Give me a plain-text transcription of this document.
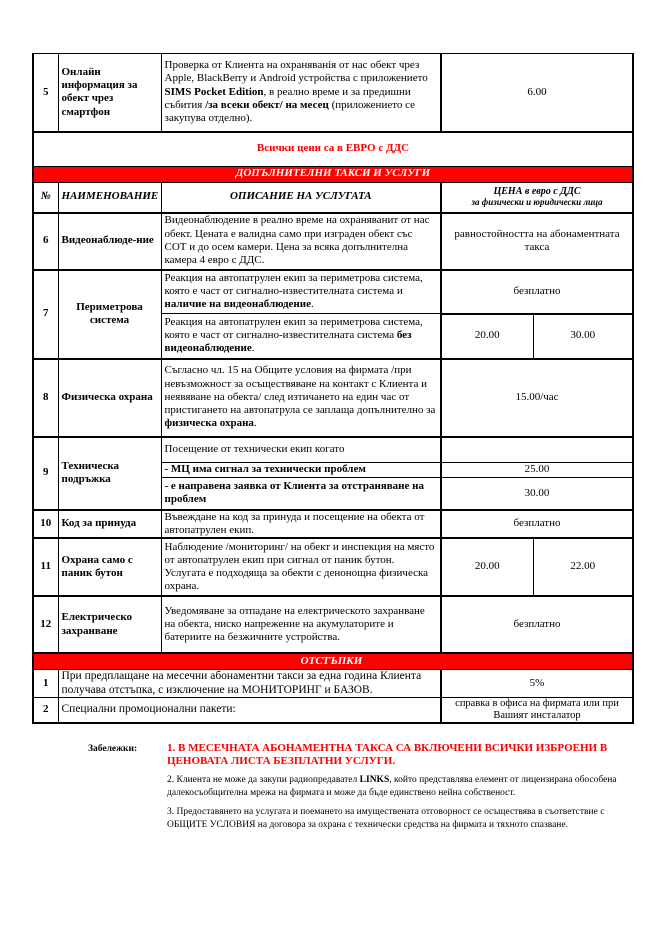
5	Онлайн информация за обект чрез смартфон	Проверка от Клиента на охраняванія от нас обект чрез Apple, BlackBerry и Android устройства с приложението SIMS Pocket Edition, в реално време и за предишни събития /за всеки обект/ на месец (приложението се закупува отделно).	6.00	
Всички цени са в ЕВРО с ДДС				
ДОПЪЛНИТЕЛНИ ТАКСИ И УСЛУГИ				
№	НАИМЕНОВАНИЕ	ОПИСАНИЕ НА УСЛУГАТА	ЦЕНА в евро с ДДС
за физически и юридически лица	

6	Видеонаблюде-ние	Видеонаблюдение в реално време на охраняванит от нас обект. Цената е валидна само при изграден обект със СОТ и до осем камери. Цена за всяка допълнителна камера 4 евро с ДДС.	равностойността на абонаментната такса	
7	Периметрова система	Реакция на автопатрулен екип за периметрова система, която е част от сигнално-известителната система и наличие на видеонаблюдение.	безплатно	
		Реакция на автопатрулен екип за периметрова система, която е част от сигнално-известителната система без видеонаблюдение.	20.00	30.00
8	Физическа охрана	Съгласно чл. 15 на Общите условия на фирмата /при невъзможност за осъществяване на контакт с Клиента и неявяване на обекта/ след изтичането на един час от пристигането на автопатрула се заплаща допълнително за физическа охрана.	15.00/час	
9	Техническа подръжка	Посещение от технически екип когато		
		- МЦ има сигнал за технически проблем	25.00	
		- е направена заявка от Клиента за отстраняване на проблем	30.00	
10	Код за принуда	Въвеждане на код за принуда и посещение на обекта от автопатрулен екип.	безплатно	
11	Охрана само с паник бутон	Наблюдение /мониторинг/ на обект и инспекция на място от автопатрулен екип при сигнал от паник бутон. Услугата е подходяща за обекти с денонощна физическа охрана.	20.00	22.00
12	Електрическо захранване	Уведомяване за отпадане на електрическото захранване на обекта, ниско напрежение на акумулаторите и батериите на безжичните устройства.	безплатно	
ОТСТЪПКИ				
1	При предплащане на месечни абонаментни такси за една година Клиента получава отстъпка, с изключение на МОНИТОРИНГ и БАЗОВ.		5%	
2	Специални промоционални пакети:		справка в офиса на фирмата или при Вашият инсталатор	
Забележки:	1. В МЕСЕЧНАТА АБОНАМЕНТНА ТАКСА СА ВКЛЮЧЕНИ ВСИЧКИ ИЗБРОЕНИ В ЦЕНОВАТА ЛИСТА БЕЗПЛАТНИ УСЛУГИ.
2. Клиента не може да закупи радиопредавател LINKS, който представлява елемент от лицензирана обособена далекосъобщителна мрежа на фирмата и може да бъде единствено нейна собственост.
3. Предоставянето на услугата и поемането на имуществената отговорност се осъществява в съответствие с ОБЩИТЕ УСЛОВИЯ на договора за охрана с технически средства на фирмата и тяхното спазване.
